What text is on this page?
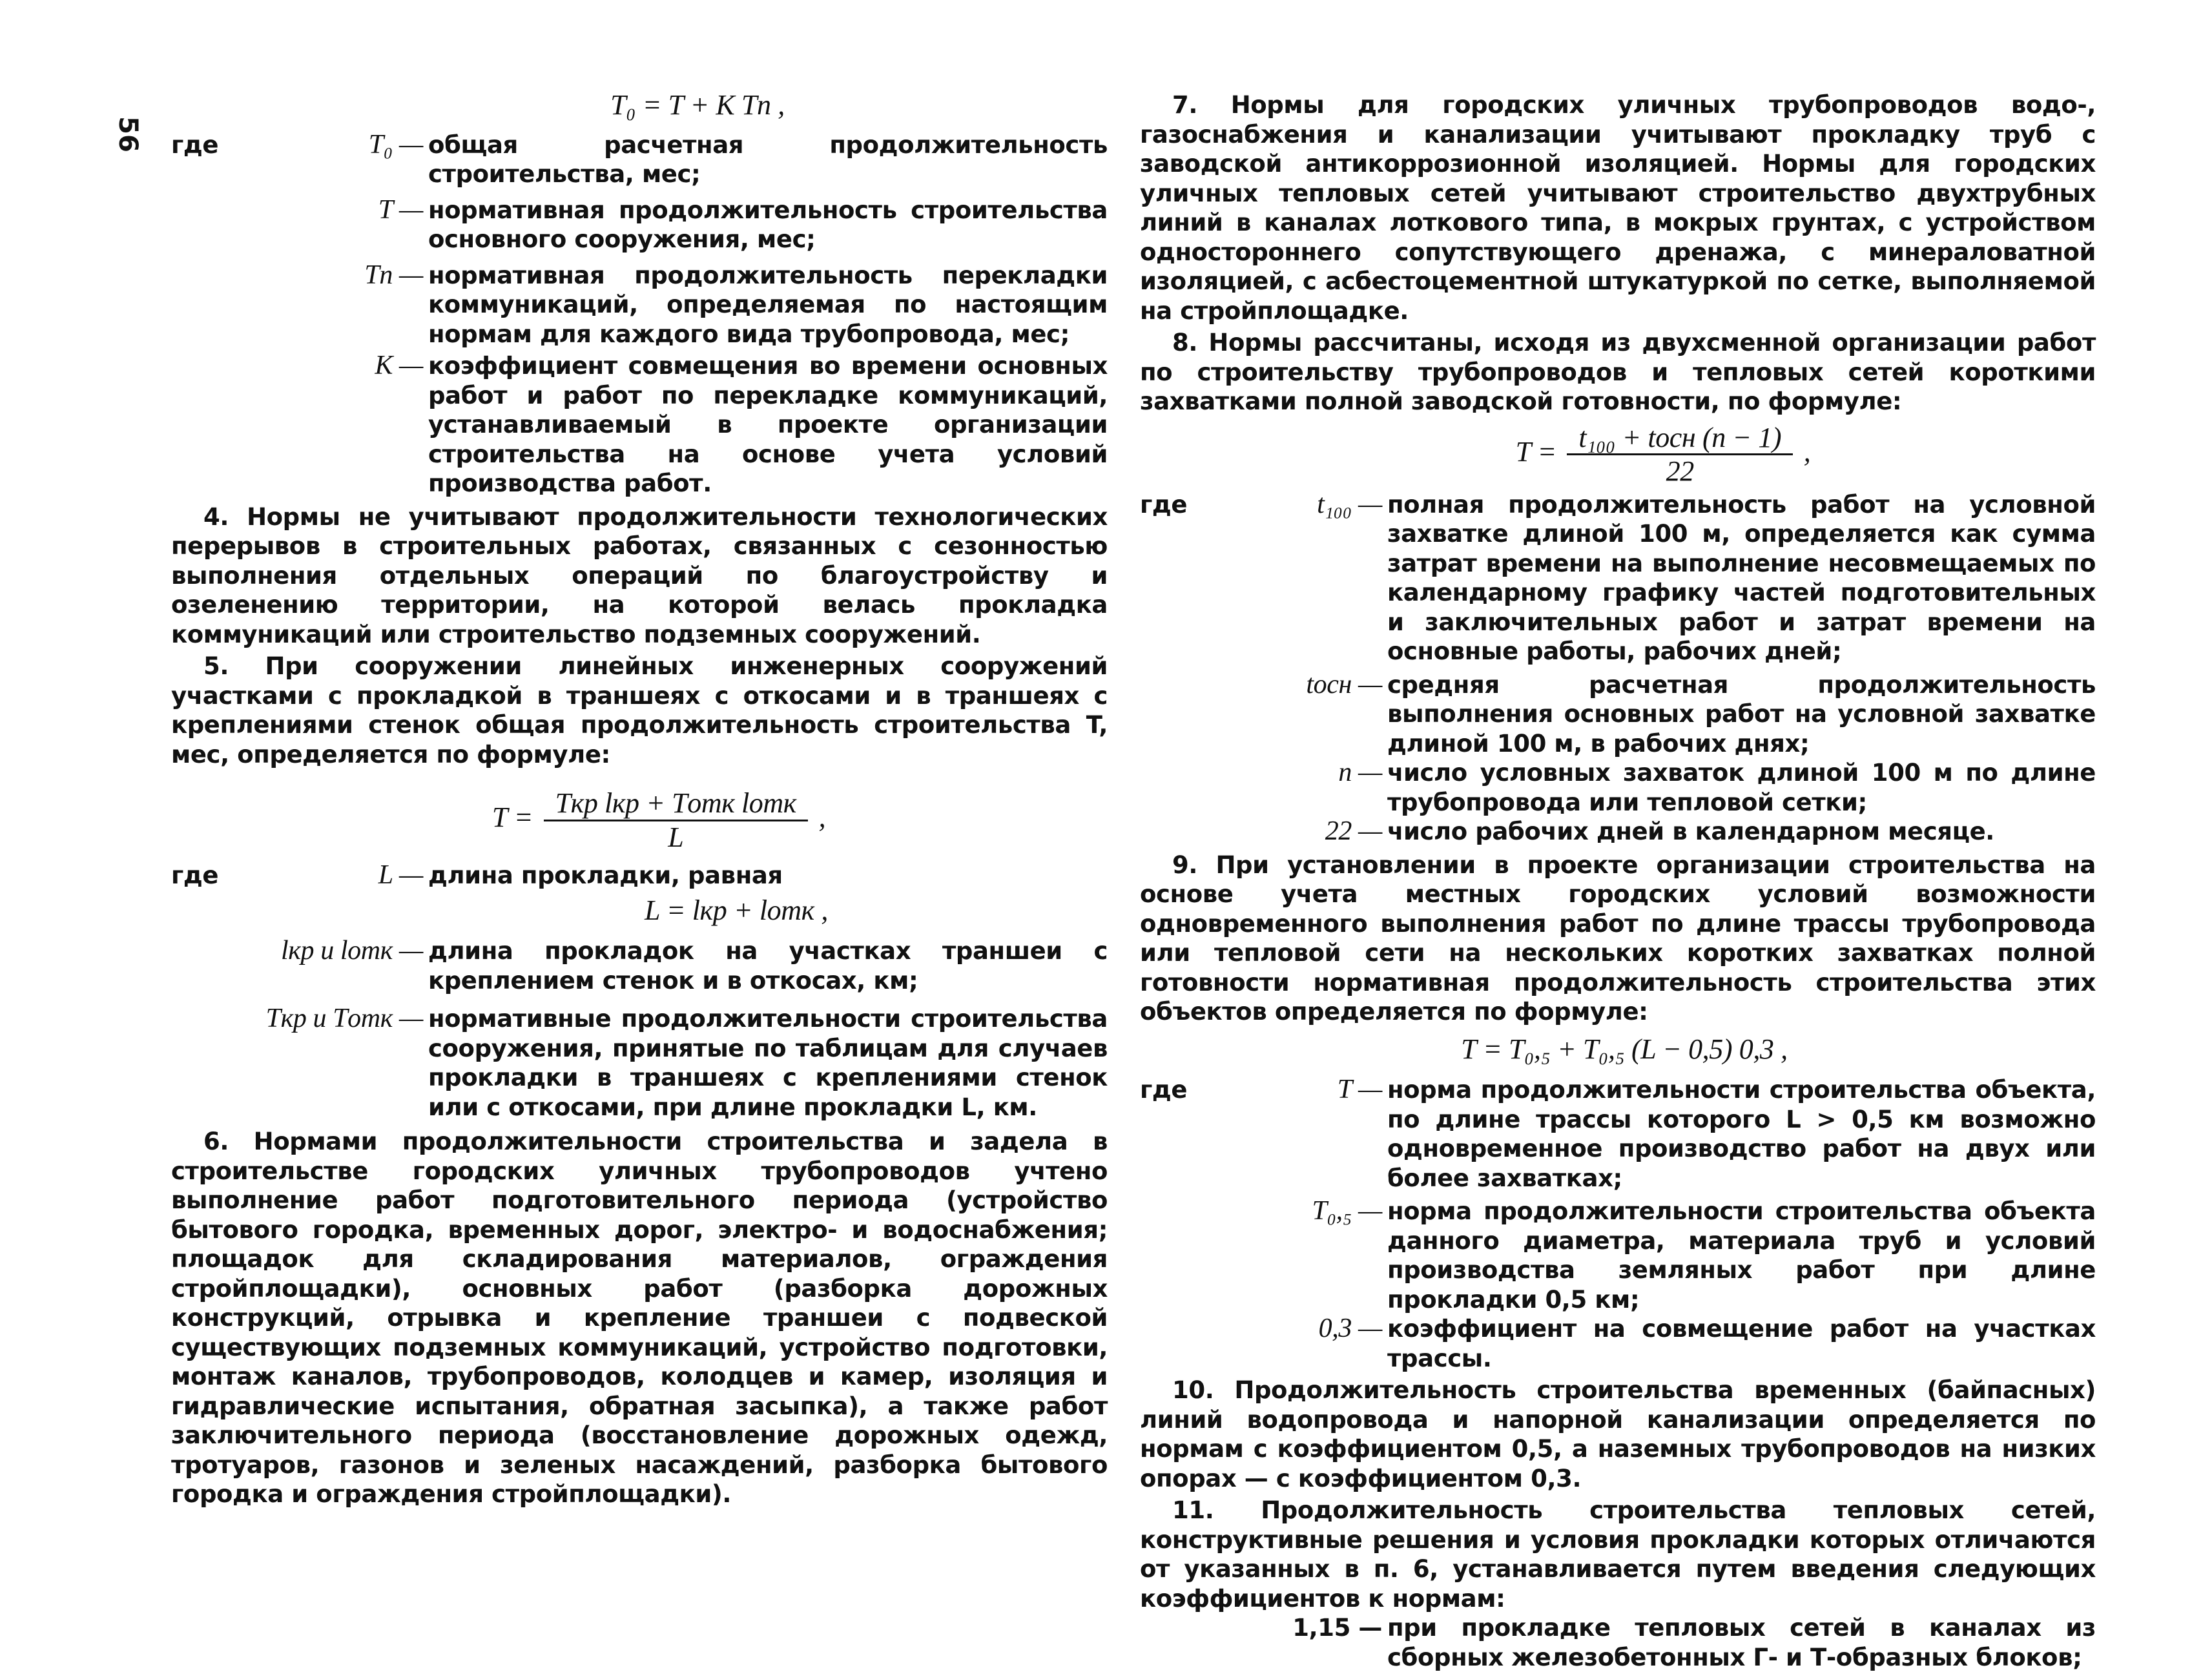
56

T₀ = T + K Tп ,

где	T₀ — общая расчетная продолжительность строительства, мес;
T — нормативная продолжительность строительства основного сооружения, мес;
Tп — нормативная продолжительность перекладки коммуникаций, определяемая по настоящим нормам для каждого вида трубопровода, мес;
K — коэффициент совмещения во времени основных работ и работ по перекладке коммуникаций, устанавливаемый в проекте организации строительства на основе учета условий производства работ.

4. Нормы не учитывают продолжительности технологических перерывов в строительных работах, связанных с сезонностью выполнения отдельных операций по благоустройству и озеленению территории, на которой велась прокладка коммуникаций или строительство подземных сооружений.

5. При сооружении линейных инженерных сооружений участками с прокладкой в траншеях с откосами и в траншеях с креплениями стенок общая продолжительность строительства T, мес, определяется по формуле:

$T = \frac{\text{Tкр lкр + Tотк lотк}}{L}$ ,
где	L — длина прокладки, равная

L = lкр + lотк ,

lкр и lотк — длина прокладок на участках траншеи с креплением стенок и в откосах, км;
Tкр и Tотк — нормативные продолжительности строительства сооружения, принятые по таблицам для случаев прокладки в траншеях с креплениями стенок или с откосами, при длине прокладки L, км.

6. Нормами продолжительности строительства и задела в строительстве городских уличных трубопроводов учтено выполнение работ подготовительного периода (устройство бытового городка, временных дорог, электро- и водоснабжения; площадок для складирования материалов, ограждения стройплощадки), основных работ (разборка дорожных конструкций, отрывка и крепление траншеи с подвеской существующих подземных коммуникаций, устройство подготовки, монтаж каналов, трубопроводов, колодцев и камер, изоляция и гидравлические испытания, обратная засыпка), а также работ заключительного периода (восстановление дорожных одежд, тротуаров, газонов и зеленых насаждений, разборка бытового городка и ограждения стройплощадки).

7. Нормы для городских уличных трубопроводов водо-, газоснабжения и канализации учитывают прокладку труб с заводской антикоррозионной изоляцией. Нормы для городских уличных тепловых сетей учитывают строительство двухтрубных линий в каналах лоткового типа, в мокрых грунтах, с устройством одностороннего сопутствующего дренажа, с минераловатной изоляцией, с асбестоцементной штукатуркой по сетке, выполняемой на стройплощадке.

8. Нормы рассчитаны, исходя из двухсменной организации работ по строительству трубопроводов и тепловых сетей короткими захватками полной заводской готовности, по формуле:

$T = \frac{\text{t₁₀₀ + tосн (n − 1)}}{22}$ ,
где	t₁₀₀ — полная продолжительность работ на условной захватке длиной 100 м, определяется как сумма затрат времени на выполнение несовмещаемых по календарному графику частей подготовительных и заключительных работ и затрат времени на основные работы, рабочих дней;
tосн — средняя расчетная продолжительность выполнения основных работ на условной захватке длиной 100 м, в рабочих днях;
n — число условных захваток длиной 100 м по длине трубопровода или тепловой сетки;
22 — число рабочих дней в календарном месяце.

9. При установлении в проекте организации строительства на основе учета местных городских условий возможности одновременного выполнения работ по длине трассы трубопровода или тепловой сети на нескольких коротких захватках полной готовности нормативная продолжительность строительства этих объектов определяется по формуле:

T = T₀,₅ + T₀,₅ (L − 0,5) 0,3 ,

где	T — норма продолжительности строительства объекта, по длине трассы которого L > 0,5 км возможно одновременное производство работ на двух или более захватках;
T₀,₅ — норма продолжительности строительства объекта данного диаметра, материала труб и условий производства земляных работ при длине прокладки 0,5 км;
0,3 — коэффициент на совмещение работ на участках трассы.

10. Продолжительность строительства временных (байпасных) линий водопровода и напорной канализации определяется по нормам с коэффициентом 0,5, а наземных трубопроводов на низких опорах — с коэффициентом 0,3.

11. Продолжительность строительства тепловых сетей, конструктивные решения и условия прокладки которых отличаются от указанных в п. 6, устанавливается путем введения следующих коэффициентов к нормам:

1,15 — при прокладке тепловых сетей в каналах из сборных железобетонных Г- и Т-образных блоков;
